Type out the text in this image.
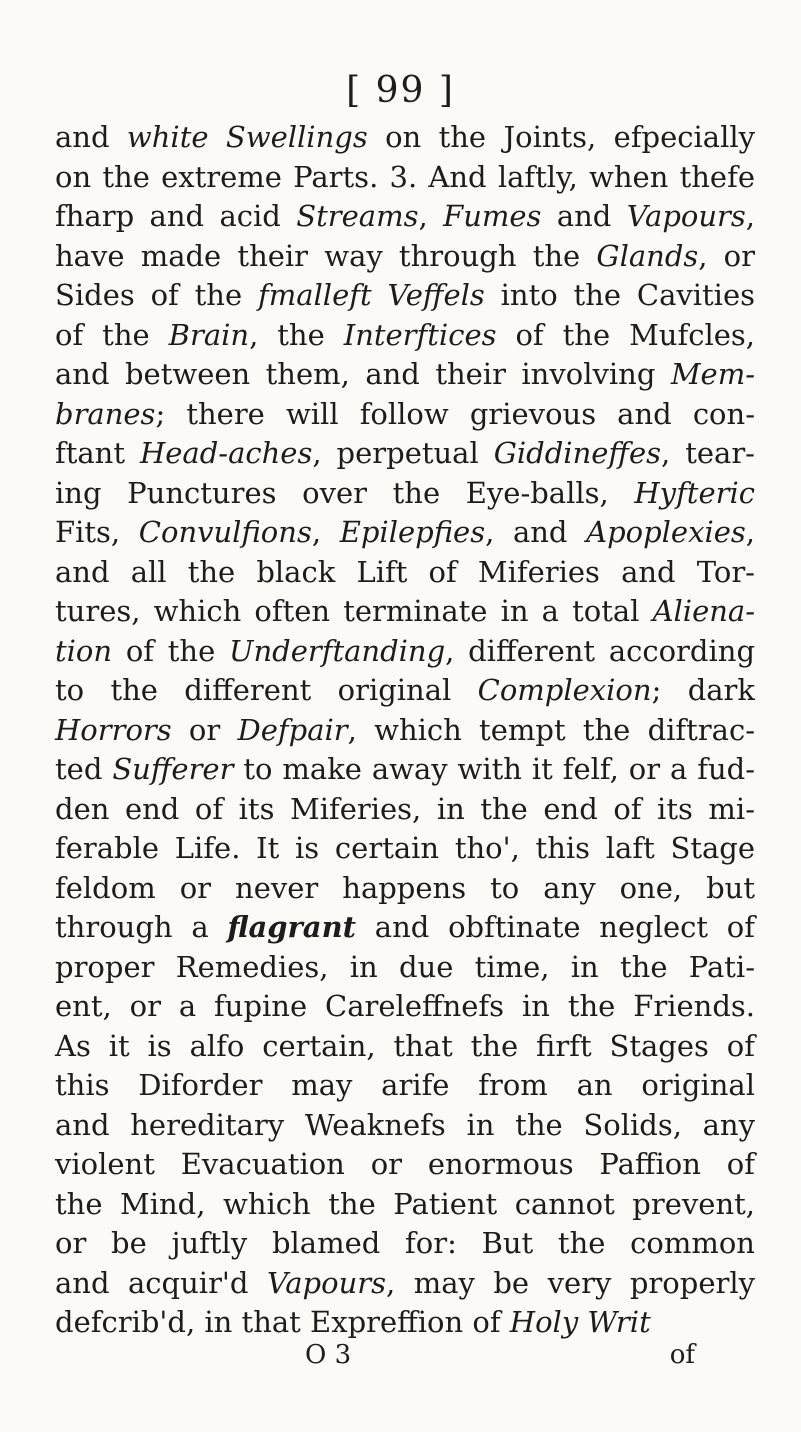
[ 99 ]
and white Swellings on the Joints, efpecially
on the extreme Parts. 3. And laftly, when thefe
fharp and acid Streams, Fumes and Vapours,
have made their way through the Glands, or
Sides of the fmalleft Veffels into the Cavities
of the Brain, the Interftices of the Mufcles,
and between them, and their involving Mem-
branes; there will follow grievous and con-
ftant Head-aches, perpetual Giddineffes, tear-
ing Punctures over the Eye-balls, Hyfteric
Fits, Convulfions, Epilepfies, and Apoplexies,
and all the black Lift of Miferies and Tor-
tures, which often terminate in a total Aliena-
tion of the Underftanding, different according
to the different original Complexion; dark
Horrors or Defpair, which tempt the diftrac-
ted Sufferer to make away with it felf, or a fud-
den end of its Miferies, in the end of its mi-
ferable Life. It is certain tho', this laft Stage
feldom or never happens to any one, but
through a flagrant and obftinate neglect of
proper Remedies, in due time, in the Pati-
ent, or a fupine Careleffnefs in the Friends.
As it is alfo certain, that the firft Stages of
this Diforder may arife from an original
and hereditary Weaknefs in the Solids, any
violent Evacuation or enormous Paffion of
the Mind, which the Patient cannot prevent,
or be juftly blamed for: But the common
and acquir'd Vapours, may be very properly
defcrib'd, in that Expreffion of Holy Writ
O 3	of
